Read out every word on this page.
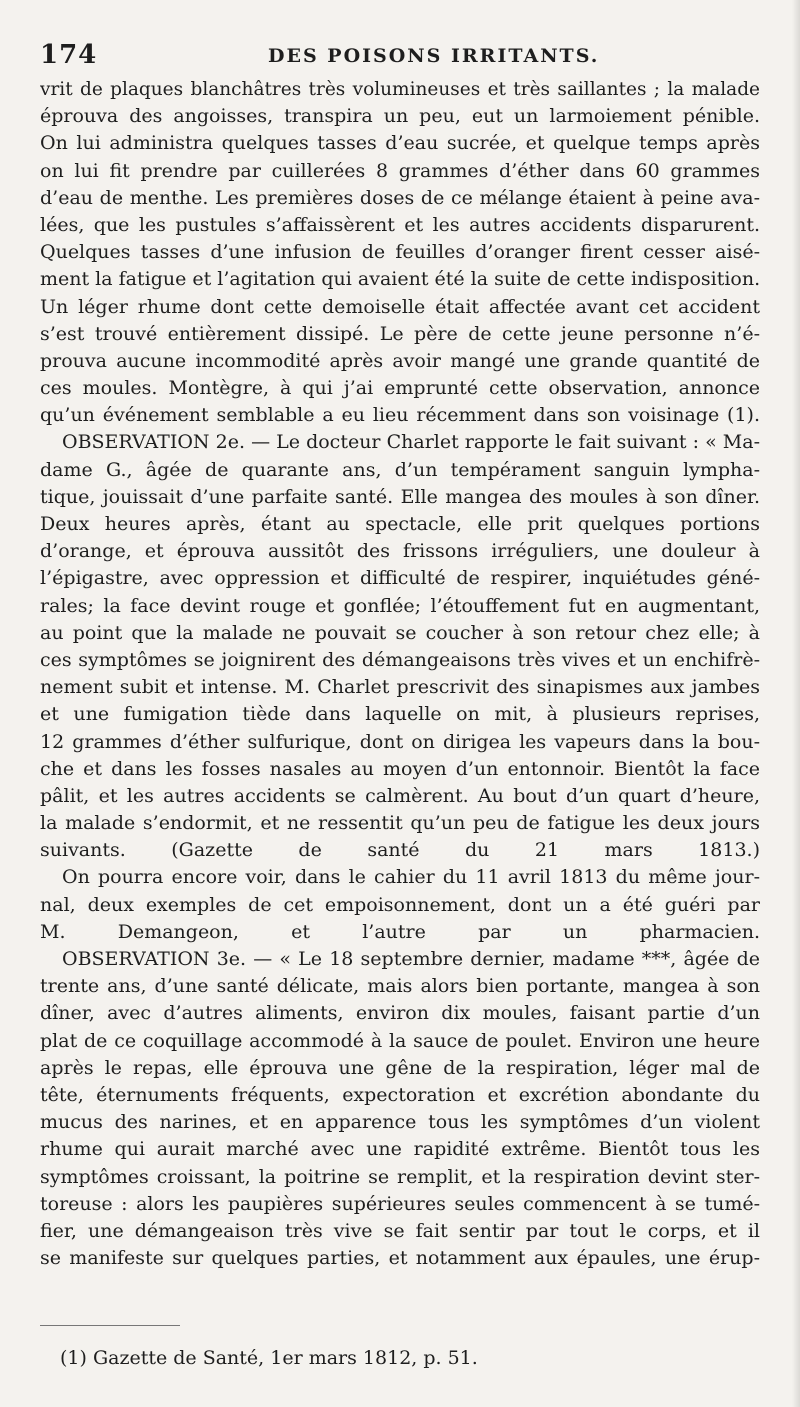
174	DES POISONS IRRITANTS.
vrit de plaques blanchâtres très volumineuses et très saillantes ; la malade
éprouva des angoisses, transpira un peu, eut un larmoiement pénible.
On lui administra quelques tasses d’eau sucrée, et quelque temps après
on lui fit prendre par cuillerées 8 grammes d’éther dans 60 grammes
d’eau de menthe. Les premières doses de ce mélange étaient à peine ava-
lées, que les pustules s’affaissèrent et les autres accidents disparurent.
Quelques tasses d’une infusion de feuilles d’oranger firent cesser aisé-
ment la fatigue et l’agitation qui avaient été la suite de cette indisposition.
Un léger rhume dont cette demoiselle était affectée avant cet accident
s’est trouvé entièrement dissipé. Le père de cette jeune personne n’é-
prouva aucune incommodité après avoir mangé une grande quantité de
ces moules. Montègre, à qui j’ai emprunté cette observation, annonce
qu’un événement semblable a eu lieu récemment dans son voisinage (1).
OBSERVATION 2e. — Le docteur Charlet rapporte le fait suivant : « Ma-
dame G., âgée de quarante ans, d’un tempérament sanguin lympha-
tique, jouissait d’une parfaite santé. Elle mangea des moules à son dîner.
Deux heures après, étant au spectacle, elle prit quelques portions
d’orange, et éprouva aussitôt des frissons irréguliers, une douleur à
l’épigastre, avec oppression et difficulté de respirer, inquiétudes géné-
rales; la face devint rouge et gonflée; l’étouffement fut en augmentant,
au point que la malade ne pouvait se coucher à son retour chez elle; à
ces symptômes se joignirent des démangeaisons très vives et un enchifrè-
nement subit et intense. M. Charlet prescrivit des sinapismes aux jambes
et une fumigation tiède dans laquelle on mit, à plusieurs reprises,
12 grammes d’éther sulfurique, dont on dirigea les vapeurs dans la bou-
che et dans les fosses nasales au moyen d’un entonnoir. Bientôt la face
pâlit, et les autres accidents se calmèrent. Au bout d’un quart d’heure,
la malade s’endormit, et ne ressentit qu’un peu de fatigue les deux jours
suivants. (Gazette de santé du 21 mars 1813.)
On pourra encore voir, dans le cahier du 11 avril 1813 du même jour-
nal, deux exemples de cet empoisonnement, dont un a été guéri par
M. Demangeon, et l’autre par un pharmacien.
OBSERVATION 3e. — « Le 18 septembre dernier, madame ***, âgée de
trente ans, d’une santé délicate, mais alors bien portante, mangea à son
dîner, avec d’autres aliments, environ dix moules, faisant partie d’un
plat de ce coquillage accommodé à la sauce de poulet. Environ une heure
après le repas, elle éprouva une gêne de la respiration, léger mal de
tête, éternuments fréquents, expectoration et excrétion abondante du
mucus des narines, et en apparence tous les symptômes d’un violent
rhume qui aurait marché avec une rapidité extrême. Bientôt tous les
symptômes croissant, la poitrine se remplit, et la respiration devint ster-
toreuse : alors les paupières supérieures seules commencent à se tumé-
fier, une démangeaison très vive se fait sentir par tout le corps, et il
se manifeste sur quelques parties, et notamment aux épaules, une érup-
(1) Gazette de Santé, 1er mars 1812, p. 51.
